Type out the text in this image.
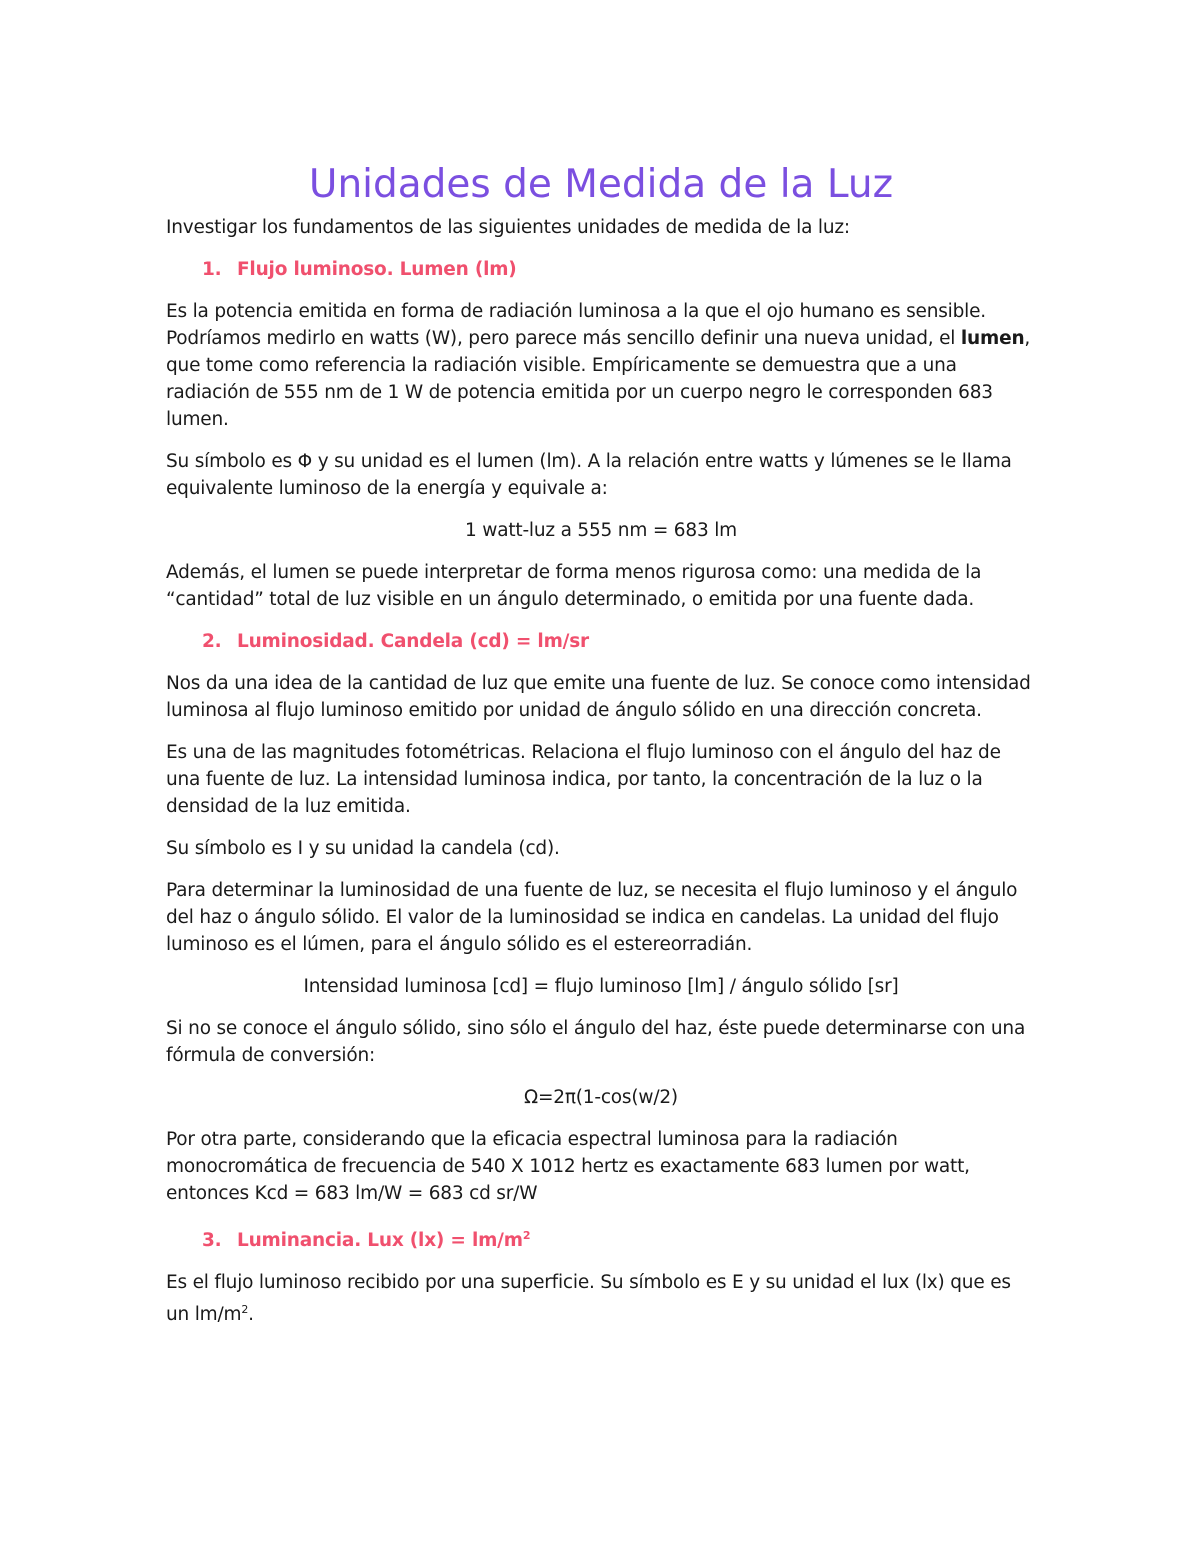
Unidades de Medida de la Luz

Investigar los fundamentos de las siguientes unidades de medida de la luz:

1. Flujo luminoso. Lumen (lm)

Es la potencia emitida en forma de radiación luminosa a la que el ojo humano es sensible. Podríamos medirlo en watts (W), pero parece más sencillo definir una nueva unidad, el lumen, que tome como referencia la radiación visible. Empíricamente se demuestra que a una radiación de 555 nm de 1 W de potencia emitida por un cuerpo negro le corresponden 683 lumen.

Su símbolo es Φ y su unidad es el lumen (lm). A la relación entre watts y lúmenes se le llama equivalente luminoso de la energía y equivale a:

1 watt-luz a 555 nm = 683 lm

Además, el lumen se puede interpretar de forma menos rigurosa como: una medida de la “cantidad” total de luz visible en un ángulo determinado, o emitida por una fuente dada.

2. Luminosidad. Candela (cd) = lm/sr

Nos da una idea de la cantidad de luz que emite una fuente de luz. Se conoce como intensidad luminosa al flujo luminoso emitido por unidad de ángulo sólido en una dirección concreta.

Es una de las magnitudes fotométricas. Relaciona el flujo luminoso con el ángulo del haz de una fuente de luz. La intensidad luminosa indica, por tanto, la concentración de la luz o la densidad de la luz emitida.

Su símbolo es I y su unidad la candela (cd).

Para determinar la luminosidad de una fuente de luz, se necesita el flujo luminoso y el ángulo del haz o ángulo sólido. El valor de la luminosidad se indica en candelas. La unidad del flujo luminoso es el lúmen, para el ángulo sólido es el estereorradián.

Intensidad luminosa [cd] = flujo luminoso [lm] / ángulo sólido [sr]

Si no se conoce el ángulo sólido, sino sólo el ángulo del haz, éste puede determinarse con una fórmula de conversión:

Ω=2π(1-cos(w/2)

Por otra parte, considerando que la eficacia espectral luminosa para la radiación monocromática de frecuencia de 540 X 1012 hertz es exactamente 683 lumen por watt, entonces Kcd = 683 lm/W = 683 cd sr/W

3. Luminancia. Lux $(lx) = lm/m^2$

Es el flujo luminoso recibido por una superficie. Su símbolo es E y su unidad el lux (lx) que es un $lm/m^2$.
